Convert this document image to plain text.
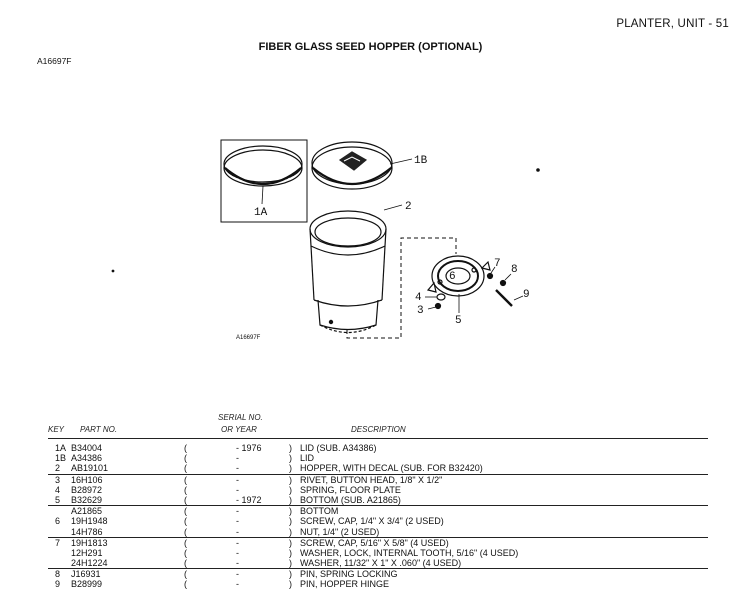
PLANTER, UNIT - 51
FIBER GLASS SEED HOPPER (OPTIONAL)
A16697F
1A
1B
2
3
4
5
6
7 8
9
A16697F
SERIAL NO.
KEY PART NO.	OR YEAR	DESCRIPTION
1A B34004	(	- 1976	) LID (SUB. A34386)
1B A34386	(	-	) LID
2 AB19101	(	-	) HOPPER, WITH DECAL (SUB. FOR B32420)
3 16H106	(	-	) RIVET, BUTTON HEAD, 1/8" X 1/2"
4 B28972	(	-	) SPRING, FLOOR PLATE
5 B32629	(	- 1972	) BOTTOM (SUB. A21865)
A21865	(	-	) BOTTOM
6 19H1948	(	-	) SCREW, CAP, 1/4" X 3/4" (2 USED)
14H786	(	-	) NUT, 1/4" (2 USED)
7 19H1813	(	-	) SCREW, CAP, 5/16" X 5/8" (4 USED)
12H291	(	-	) WASHER, LOCK, INTERNAL TOOTH, 5/16" (4 USED)
24H1224	(	-	) WASHER, 11/32" X 1" X .060" (4 USED)
8 J16931	(	-	) PIN, SPRING LOCKING
9 B28999	(	-	) PIN, HOPPER HINGE
